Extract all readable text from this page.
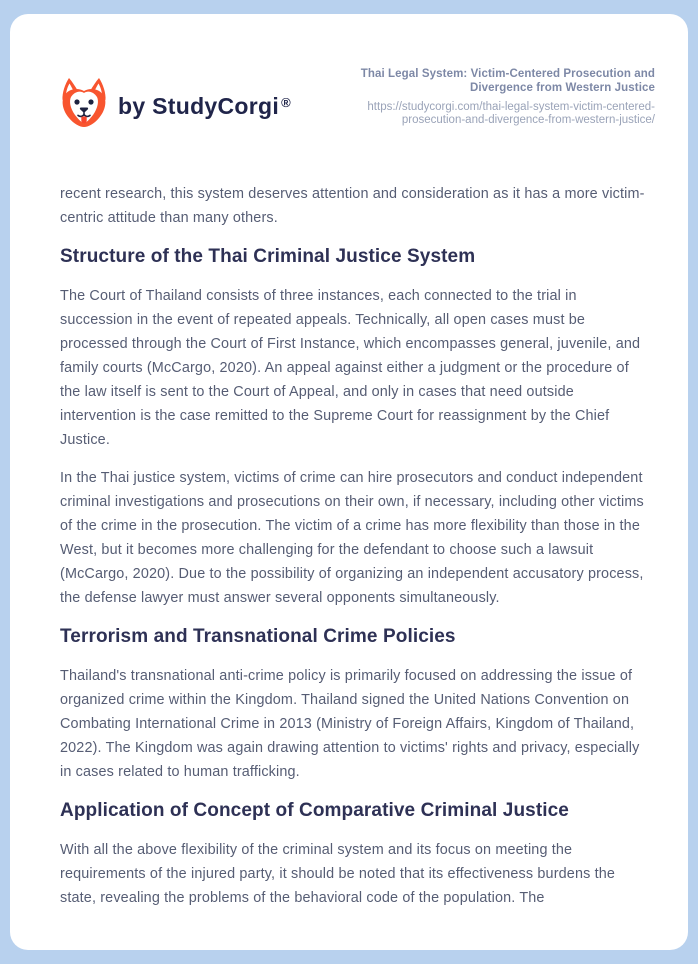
by StudyCorgi ®
Thai Legal System: Victim-Centered Prosecution and Divergence from Western Justice
https://studycorgi.com/thai-legal-system-victim-centered-prosecution-and-divergence-from-western-justice/

recent research, this system deserves attention and consideration as it has a more victim-centric attitude than many others.

Structure of the Thai Criminal Justice System

The Court of Thailand consists of three instances, each connected to the trial in succession in the event of repeated appeals. Technically, all open cases must be processed through the Court of First Instance, which encompasses general, juvenile, and family courts (McCargo, 2020). An appeal against either a judgment or the procedure of the law itself is sent to the Court of Appeal, and only in cases that need outside intervention is the case remitted to the Supreme Court for reassignment by the Chief Justice.

In the Thai justice system, victims of crime can hire prosecutors and conduct independent criminal investigations and prosecutions on their own, if necessary, including other victims of the crime in the prosecution. The victim of a crime has more flexibility than those in the West, but it becomes more challenging for the defendant to choose such a lawsuit (McCargo, 2020). Due to the possibility of organizing an independent accusatory process, the defense lawyer must answer several opponents simultaneously.

Terrorism and Transnational Crime Policies

Thailand's transnational anti-crime policy is primarily focused on addressing the issue of organized crime within the Kingdom. Thailand signed the United Nations Convention on Combating International Crime in 2013 (Ministry of Foreign Affairs, Kingdom of Thailand, 2022). The Kingdom was again drawing attention to victims' rights and privacy, especially in cases related to human trafficking.

Application of Concept of Comparative Criminal Justice

With all the above flexibility of the criminal system and its focus on meeting the requirements of the injured party, it should be noted that its effectiveness burdens the state, revealing the problems of the behavioral code of the population. The
